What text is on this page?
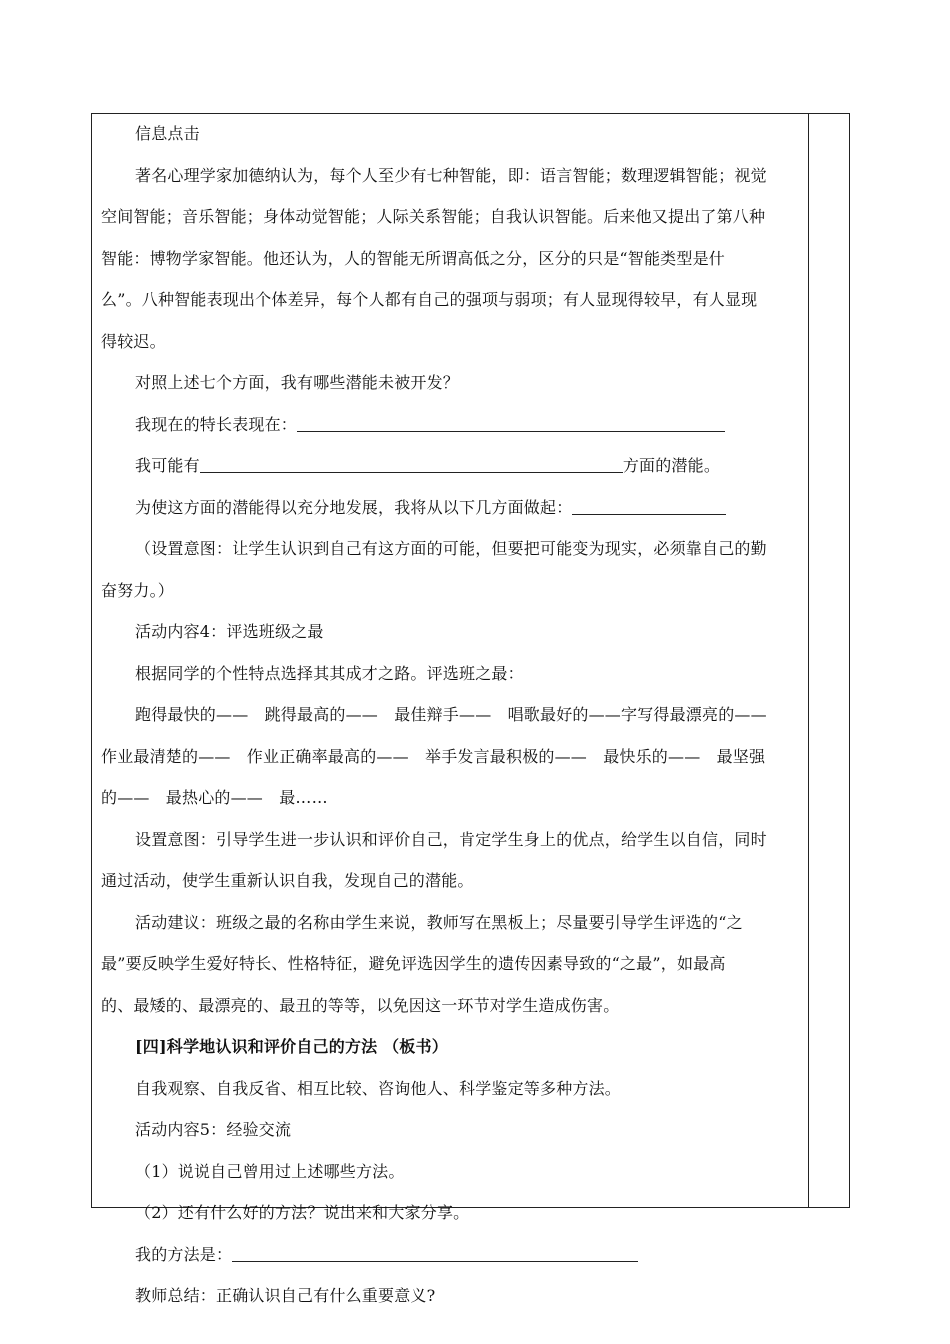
信息点击
著名心理学家加德纳认为，每个人至少有七种智能，即：语言智能；数理逻辑智能；视觉
空间智能；音乐智能；身体动觉智能；人际关系智能；自我认识智能。后来他又提出了第八种
智能：博物学家智能。他还认为，人的智能无所谓高低之分，区分的只是“智能类型是什
么”。八种智能表现出个体差异，每个人都有自己的强项与弱项；有人显现得较早，有人显现
得较迟。
对照上述七个方面，我有哪些潜能未被开发？
我现在的特长表现在：
我可能有	方面的潜能。
为使这方面的潜能得以充分地发展，我将从以下几方面做起：
（设置意图：让学生认识到自己有这方面的可能，但要把可能变为现实，必须靠自己的勤
奋努力。）
活动内容4：评选班级之最
根据同学的个性特点选择其其成才之路。评选班之最：
跑得最快的——　跳得最高的——　最佳辩手——　唱歌最好的——字写得最漂亮的——
作业最清楚的——　作业正确率最高的——　举手发言最积极的——　最快乐的——　最坚强
的——　最热心的——　最……
设置意图：引导学生进一步认识和评价自己，肯定学生身上的优点，给学生以自信，同时
通过活动，使学生重新认识自我，发现自己的潜能。
活动建议：班级之最的名称由学生来说，教师写在黑板上；尽量要引导学生评选的“之
最”要反映学生爱好特长、性格特征，避免评选因学生的遗传因素导致的“之最”，如最高
的、最矮的、最漂亮的、最丑的等等，以免因这一环节对学生造成伤害。
[四]科学地认识和评价自己的方法 （板书）
自我观察、自我反省、相互比较、咨询他人、科学鉴定等多种方法。
活动内容5：经验交流
（1）说说自己曾用过上述哪些方法。
（2）还有什么好的方法？说出来和大家分享。
我的方法是：
教师总结：正确认识自己有什么重要意义?
